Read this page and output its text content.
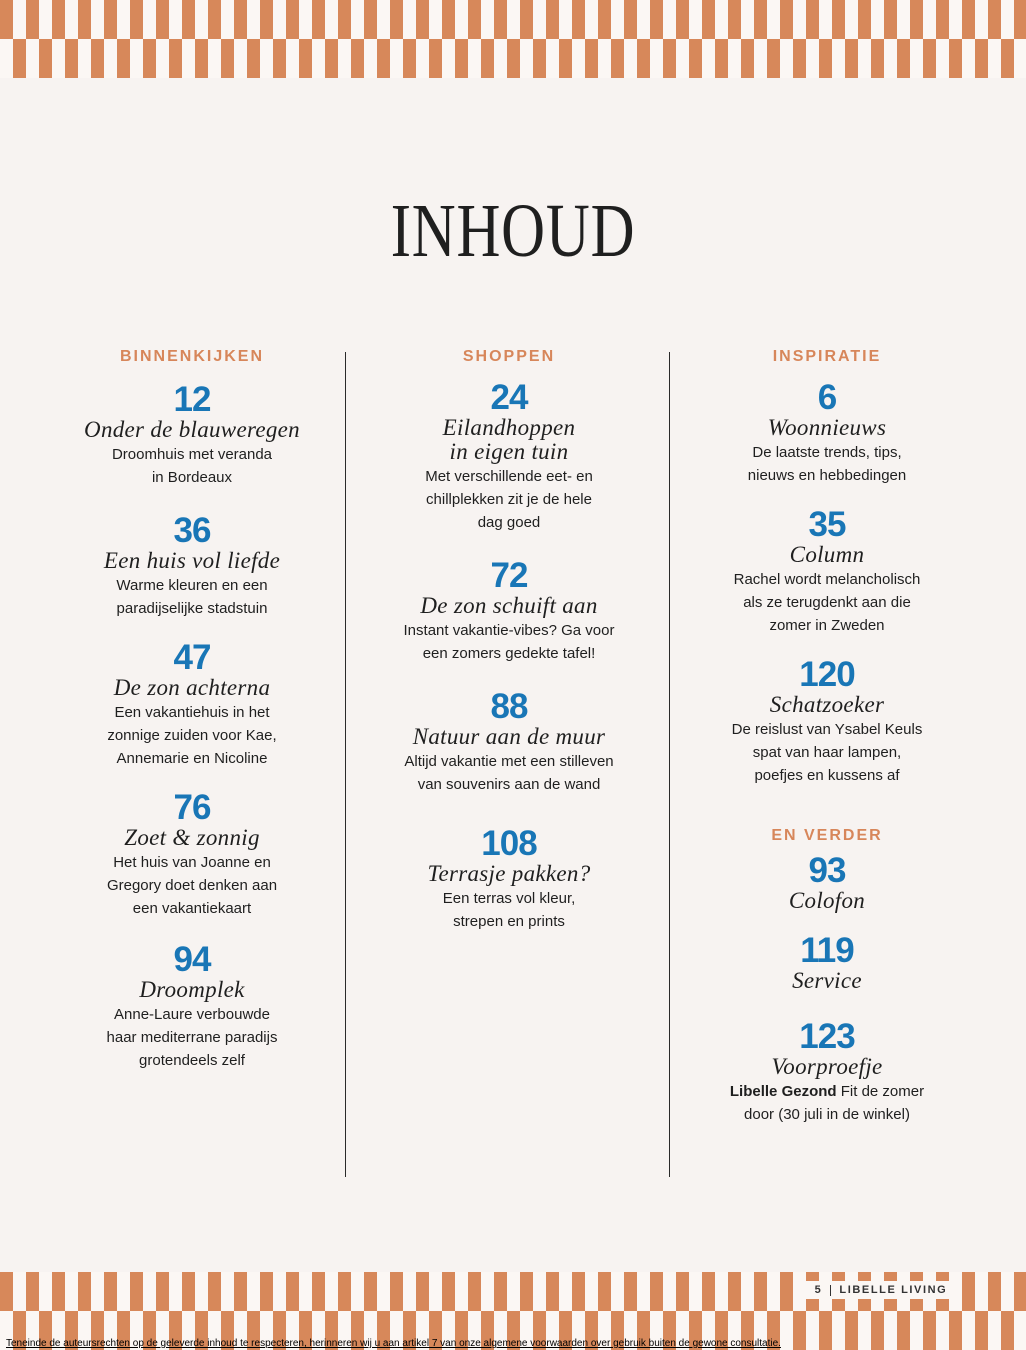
INHOUD
BINNENKIJKEN
12
Onder de blauweregen
Droomhuis met veranda
in Bordeaux
36
Een huis vol liefde
Warme kleuren en een
paradijselijke stadstuin
47
De zon achterna
Een vakantiehuis in het
zonnige zuiden voor Kae,
Annemarie en Nicoline
76
Zoet & zonnig
Het huis van Joanne en
Gregory doet denken aan
een vakantiekaart
94
Droomplek
Anne-Laure verbouwde
haar mediterrane paradijs
grotendeels zelf
SHOPPEN
24
Eilandhoppen
in eigen tuin
Met verschillende eet- en
chillplekken zit je de hele
dag goed
72
De zon schuift aan
Instant vakantie-vibes? Ga voor
een zomers gedekte tafel!
88
Natuur aan de muur
Altijd vakantie met een stilleven
van souvenirs aan de wand
108
Terrasje pakken?
Een terras vol kleur,
strepen en prints
INSPIRATIE
6
Woonnieuws
De laatste trends, tips,
nieuws en hebbedingen
35
Column
Rachel wordt melancholisch
als ze terugdenkt aan die
zomer in Zweden
120
Schatzoeker
De reislust van Ysabel Keuls
spat van haar lampen,
poefjes en kussens af
EN VERDER
93
Colofon
119
Service
123
Voorproefje
Libelle Gezond Fit de zomer
door (30 juli in de winkel)
5 LIBELLE LIVING
Teneinde de auteursrechten op de geleverde inhoud te respecteren, herinneren wij u aan artikel 7 van onze algemene voorwaarden over gebruik buiten de gewone consultatie.
